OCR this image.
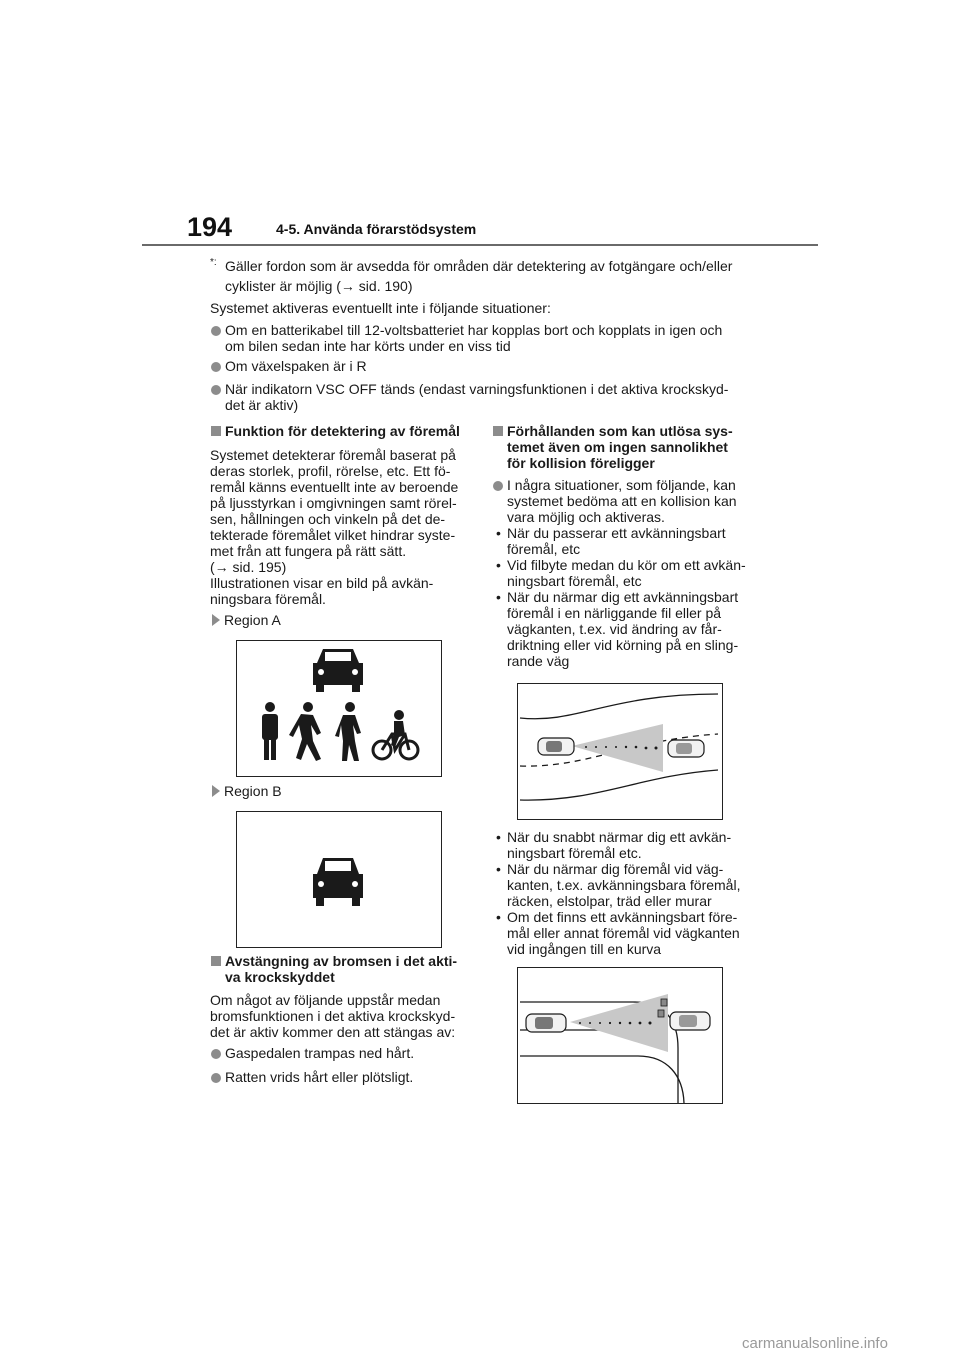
194	4-5. Använda förarstödsystem
*: Gäller fordon som är avsedda för områden där detektering av fotgängare och/eller
cyklister är möjlig (→ sid. 190)
Systemet aktiveras eventuellt inte i följande situationer:
Om en batterikabel till 12-voltsbatteriet har kopplas bort och kopplats in igen och
om bilen sedan inte har körts under en viss tid
Om växelspaken är i R
När indikatorn VSC OFF tänds (endast varningsfunktionen i det aktiva krockskyd-
det är aktiv)
Funktion för detektering av föremål
Systemet detekterar föremål baserat på
deras storlek, profil, rörelse, etc. Ett fö-
remål känns eventuellt inte av beroende
på ljusstyrkan i omgivningen samt rörel-
sen, hållningen och vinkeln på det de-
tekterade föremålet vilket hindrar syste-
met från att fungera på rätt sätt.
(→ sid. 195)
Illustrationen visar en bild på avkän-
ningsbara föremål.
Region A
Region B
Avstängning av bromsen i det akti-
va krockskyddet
Om något av följande uppstår medan
bromsfunktionen i det aktiva krockskyd-
det är aktiv kommer den att stängas av:
Gaspedalen trampas ned hårt.
Ratten vrids hårt eller plötsligt.
Förhållanden som kan utlösa sys-
temet även om ingen sannolikhet
för kollision föreligger
I några situationer, som följande, kan
systemet bedöma att en kollision kan
vara möjlig och aktiveras.
• När du passerar ett avkänningsbart
föremål, etc
• Vid filbyte medan du kör om ett avkän-
ningsbart föremål, etc
• När du närmar dig ett avkänningsbart
föremål i en närliggande fil eller på
vägkanten, t.ex. vid ändring av får-
driktning eller vid körning på en sling-
rande väg
• När du snabbt närmar dig ett avkän-
ningsbart föremål etc.
• När du närmar dig föremål vid väg-
kanten, t.ex. avkänningsbara föremål,
räcken, elstolpar, träd eller murar
• Om det finns ett avkänningsbart före-
mål eller annat föremål vid vägkanten
vid ingången till en kurva
carmanualsonline.info
